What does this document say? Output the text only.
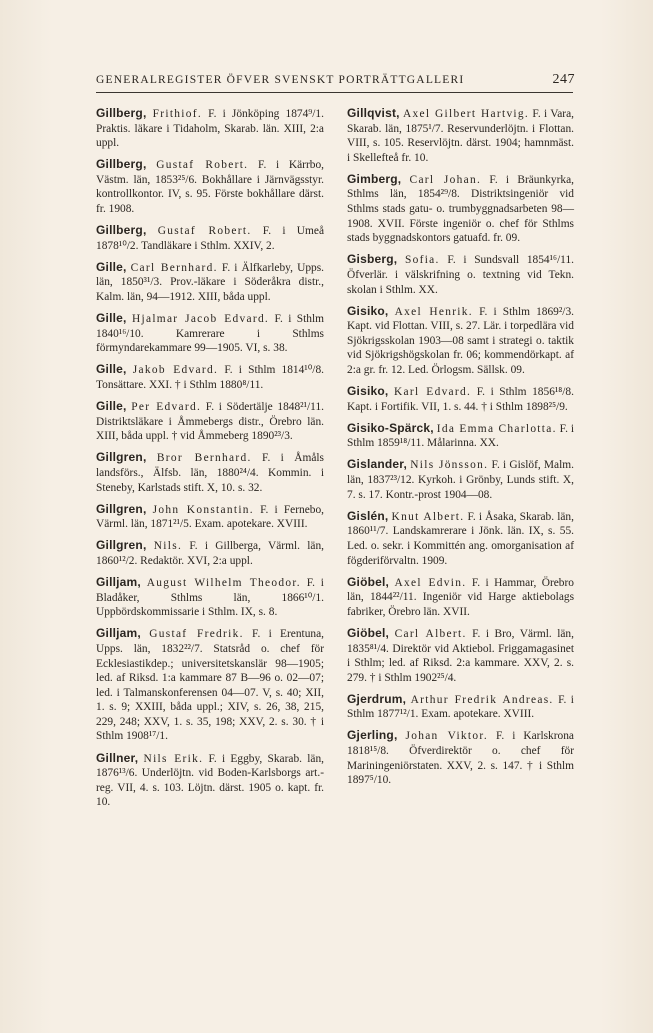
GENERALREGISTER ÖFVER SVENSKT PORTRÄTTGALLERI	247

Gillberg, Frithiof. F. i Jönköping 1874⁹/1. Praktis. läkare i Tidaholm, Skarab. län. XIII, 2:a uppl.

Gillberg, Gustaf Robert. F. i Kärrbo, Västm. län, 1853²⁵/6. Bokhållare i Järnvägsstyr. kontrollkontor. IV, s. 95. Förste bokhållare därst. fr. 1908.

Gillberg, Gustaf Robert. F. i Umeå 1878¹⁰/2. Tandläkare i Sthlm. XXIV, 2.

Gille, Carl Bernhard. F. i Älfkarleby, Upps. län, 1850³¹/3. Prov.-läkare i Söderåkra distr., Kalm. län, 94—1912. XIII, båda uppl.

Gille, Hjalmar Jacob Edvard. F. i Sthlm 1840¹⁶/10. Kamrerare i Sthlms förmyndarekammare 99—1905. VI, s. 38.

Gille, Jakob Edvard. F. i Sthlm 1814¹⁰/8. Tonsättare. XXI. † i Sthlm 1880⁸/11.

Gille, Per Edvard. F. i Södertälje 1848²¹/11. Distriktsläkare i Åmmebergs distr., Örebro län. XIII, båda uppl. † vid Åmmeberg 1890²³/3.

Gillgren, Bror Bernhard. F. i Åmåls landsförs., Älfsb. län, 1880²⁴/4. Kommin. i Steneby, Karlstads stift. X, 10. s. 32.

Gillgren, John Konstantin. F. i Fernebo, Värml. län, 1871²¹/5. Exam. apotekare. XVIII.

Gillgren, Nils. F. i Gillberga, Värml. län, 1860¹²/2. Redaktör. XVI, 2:a uppl.

Gilljam, August Wilhelm Theodor. F. i Bladåker, Sthlms län, 1866¹⁰/1. Uppbördskommissarie i Sthlm. IX, s. 8.

Gilljam, Gustaf Fredrik. F. i Erentuna, Upps. län, 1832²²/7. Statsråd o. chef för Ecklesiastikdep.; universitetskanslär 98—1905; led. af Riksd. 1:a kammare 87 B—96 o. 02—07; led. i Talmanskonferensen 04—07. V, s. 40; XII, 1. s. 9; XXIII, båda uppl.; XIV, s. 26, 38, 215, 229, 248; XXV, 1. s. 35, 198; XXV, 2. s. 30. † i Sthlm 1908¹⁷/1.

Gillner, Nils Erik. F. i Eggby, Skarab. län, 1876¹³/6. Underlöjtn. vid Boden-Karlsborgs art.-reg. VII, 4. s. 103. Löjtn. därst. 1905 o. kapt. fr. 10.

Gillqvist, Axel Gilbert Hartvig. F. i Vara, Skarab. län, 1875¹/7. Reservunderlöjtn. i Flottan. VIII, s. 105. Reservlöjtn. därst. 1904; hamnmäst. i Skellefteå fr. 10.

Gimberg, Carl Johan. F. i Bräunkyrka, Sthlms län, 1854²⁹/8. Distriktsingeniör vid Sthlms stads gatu- o. trumbyggnadsarbeten 98—1908. XVII. Förste ingeniör o. chef för Sthlms stads byggnadskontors gatuafd. fr. 09.

Gisberg, Sofia. F. i Sundsvall 1854¹⁶/11. Öfverlär. i välskrifning o. textning vid Tekn. skolan i Sthlm. XX.

Gisiko, Axel Henrik. F. i Sthlm 1869²/3. Kapt. vid Flottan. VIII, s. 27. Lär. i torpedlära vid Sjökrigsskolan 1903—08 samt i strategi o. taktik vid Sjökrigshögskolan fr. 06; kommendörkapt. af 2:a gr. fr. 12. Led. Örlogsm. Sällsk. 09.

Gisiko, Karl Edvard. F. i Sthlm 1856¹⁸/8. Kapt. i Fortifik. VII, 1. s. 44. † i Sthlm 1898²⁵/9.

Gisiko-Spärck, Ida Emma Charlotta. F. i Sthlm 1859¹⁸/11. Målarinna. XX.

Gislander, Nils Jönsson. F. i Gislöf, Malm. län, 1837²³/12. Kyrkoh. i Grönby, Lunds stift. X, 7. s. 17. Kontr.-prost 1904—08.

Gislén, Knut Albert. F. i Åsaka, Skarab. län, 1860¹¹/7. Landskamrerare i Jönk. län. IX, s. 55. Led. o. sekr. i Kommittén ang. omorganisation af fögderiförvaltn. 1909.

Giöbel, Axel Edvin. F. i Hammar, Örebro län, 1844²²/11. Ingeniör vid Harge aktiebolags fabriker, Örebro län. XVII.

Giöbel, Carl Albert. F. i Bro, Värml. län, 1835⁸¹/4. Direktör vid Aktiebol. Friggamagasinet i Sthlm; led. af Riksd. 2:a kammare. XXV, 2. s. 279. † i Sthlm 1902²⁵/4.

Gjerdrum, Arthur Fredrik Andreas. F. i Sthlm 1877¹²/1. Exam. apotekare. XVIII.

Gjerling, Johan Viktor. F. i Karlskrona 1818¹⁵/8. Öfverdirektör o. chef för Mariningeniörstaten. XXV, 2. s. 147. † i Sthlm 1897⁵/10.
